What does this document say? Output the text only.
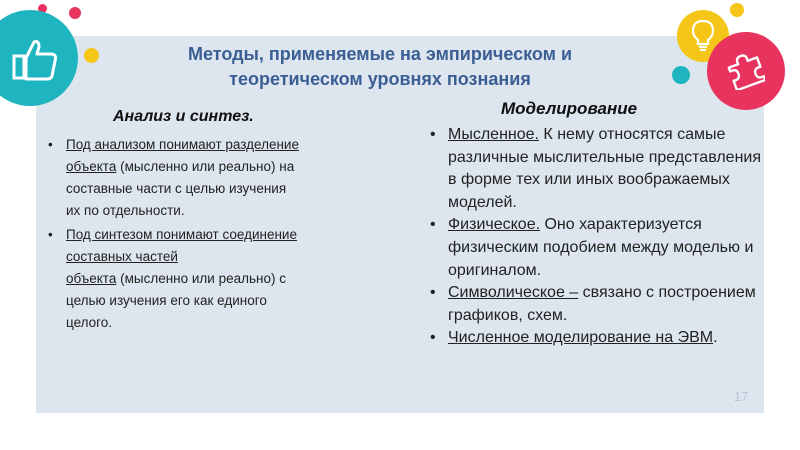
Методы, применяемые на эмпирическом и
теоретическом уровнях познания
Анализ и синтез.
• Под анализом понимают разделение
объекта (мысленно или реально) на
составные части с целью изучения
их по отдельности.
• Под синтезом понимают соединение
составных частей
объекта (мысленно или реально) с
целью изучения его как единого
целого.
Моделирование
• Мысленное. К нему относятся самые различные мыслительные представления в форме тех или иных воображаемых моделей.
• Физическое. Оно характеризуется физическим подобием между моделью и оригиналом.
• Символическое – связано с построением графиков, схем.
• Численное моделирование на ЭВМ.
17
